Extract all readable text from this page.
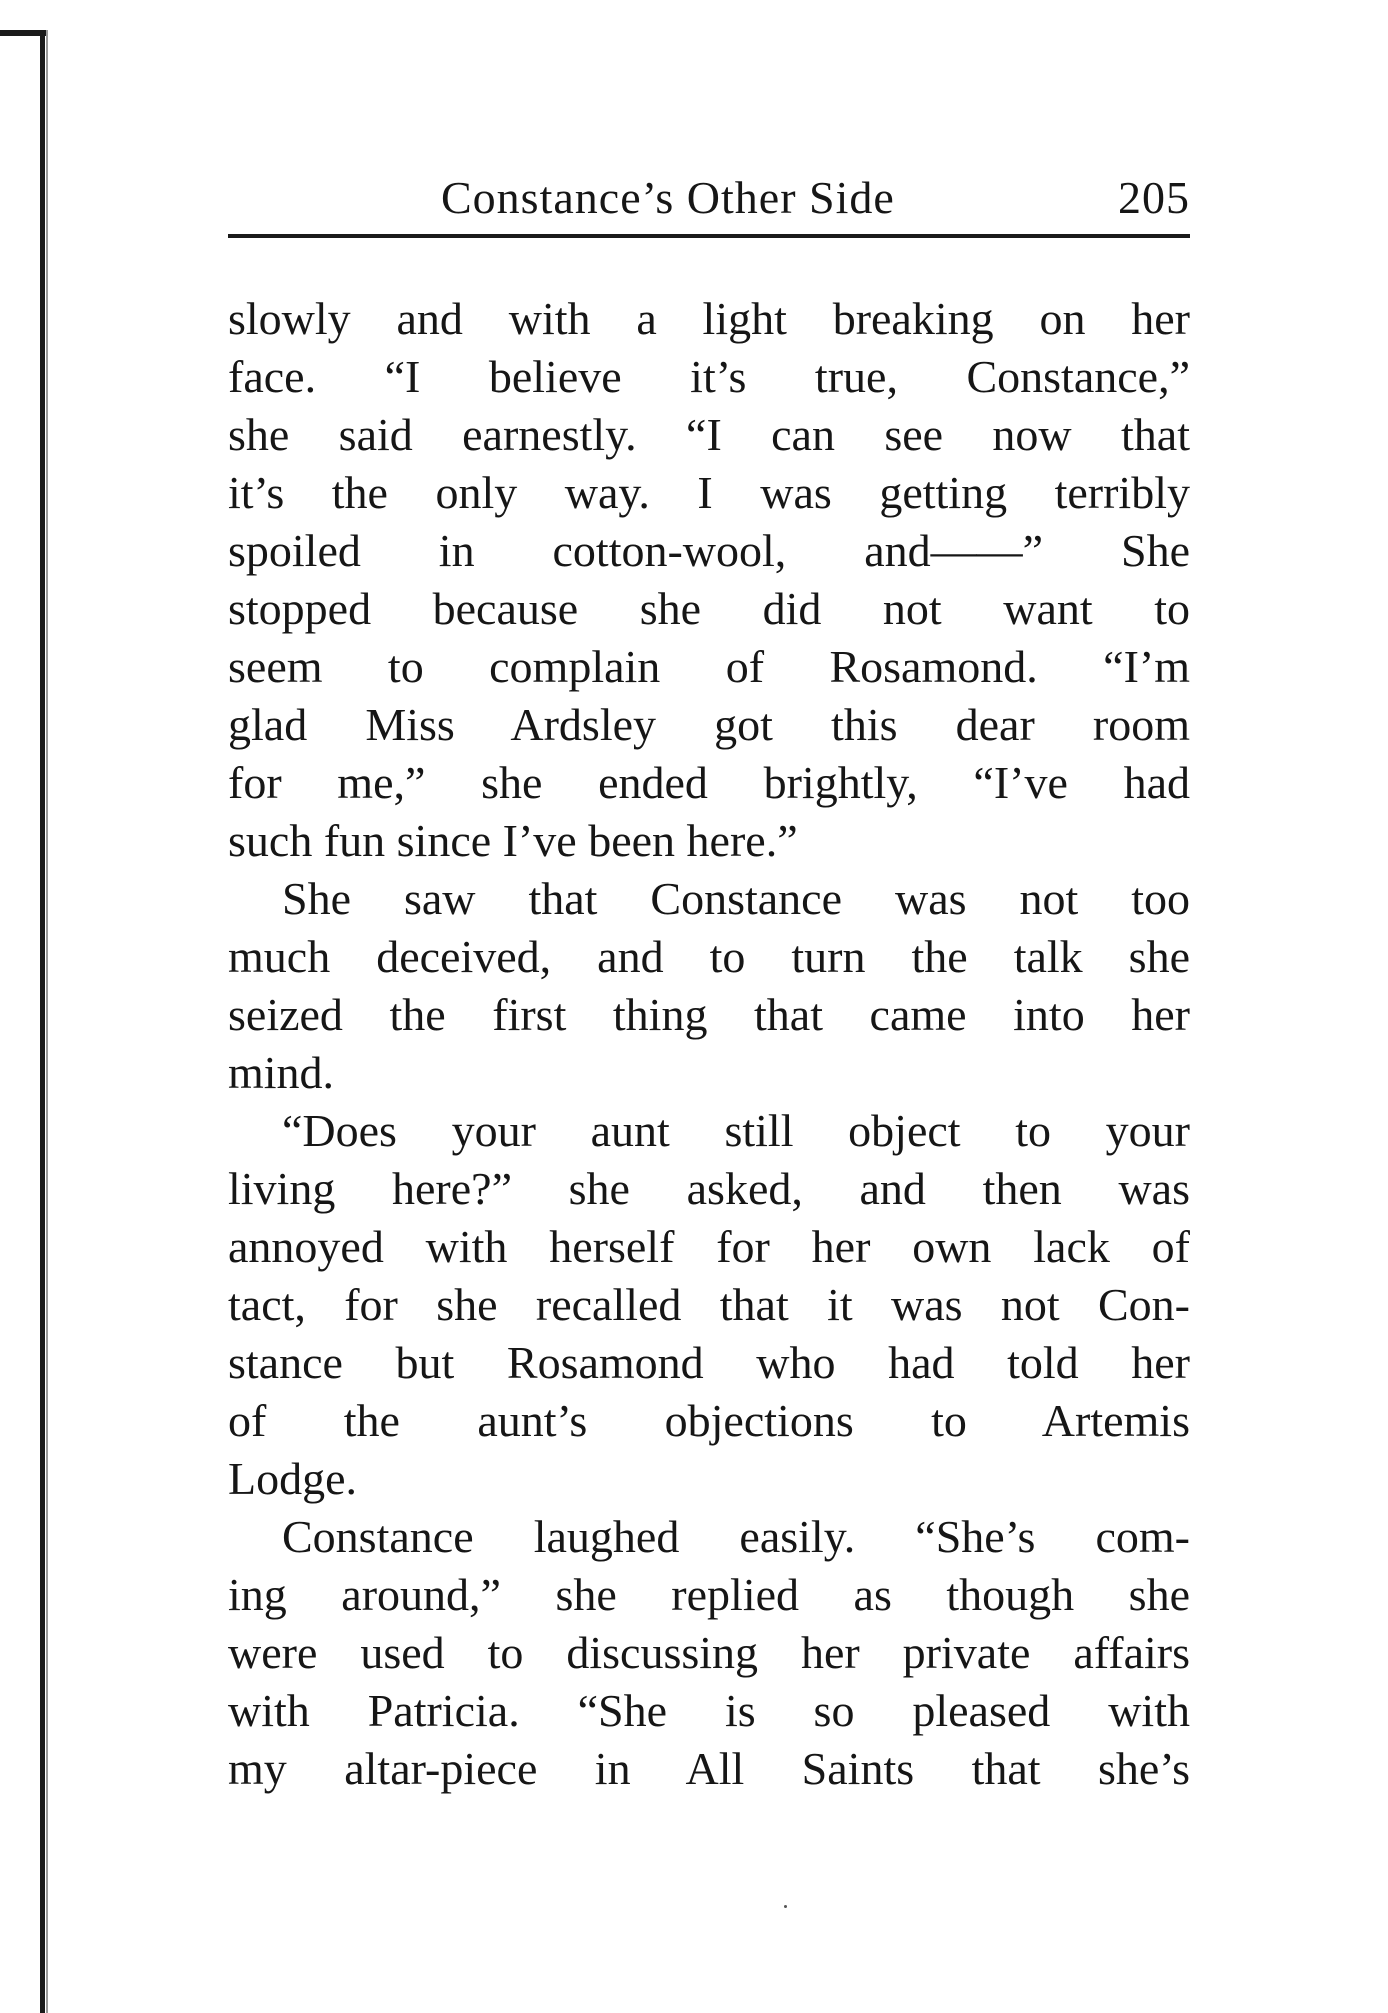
Constance’s Other Side	205
slowly and with a light breaking on her
face. “I believe it’s true, Constance,”
she said earnestly. “I can see now that
it’s the only way. I was getting terribly
spoiled in cotton-wool, and——” She
stopped because she did not want to
seem to complain of Rosamond. “I’m
glad Miss Ardsley got this dear room
for me,” she ended brightly, “I’ve had
such fun since I’ve been here.”
She saw that Constance was not too
much deceived, and to turn the talk she
seized the first thing that came into her
mind.
“Does your aunt still object to your
living here?” she asked, and then was
annoyed with herself for her own lack of
tact, for she recalled that it was not Con-
stance but Rosamond who had told her
of the aunt’s objections to Artemis
Lodge.
Constance laughed easily. “She’s com-
ing around,” she replied as though she
were used to discussing her private affairs
with Patricia. “She is so pleased with
my altar-piece in All Saints that she’s
